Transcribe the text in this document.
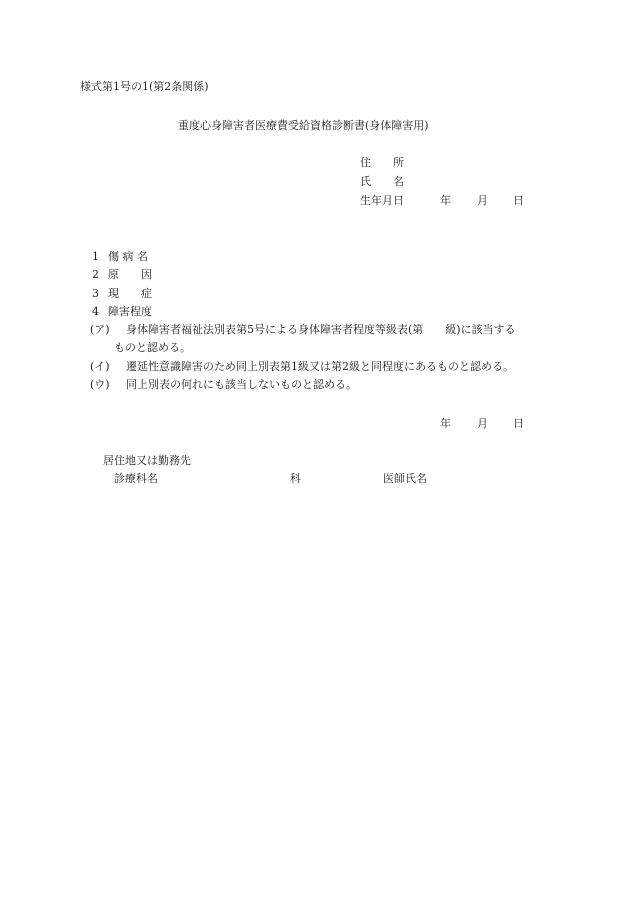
様式第1号の1(第2条関係)
重度心身障害者医療費受給資格診断書(身体障害用)
住　　所
氏　　名
生年月日	年 月 日
1 傷 病 名
2 原　　因
3 現　　症
4 障害程度
(ア) 身体障害者福祉法別表第5号による身体障害者程度等級表(第　　級)に該当する
ものと認める。
(イ) 遷延性意識障害のため同上別表第1級又は第2級と同程度にあるものと認める。
(ウ) 同上別表の何れにも該当しないものと認める。
年 月 日
居住地又は勤務先
診療科名	科	医師氏名
